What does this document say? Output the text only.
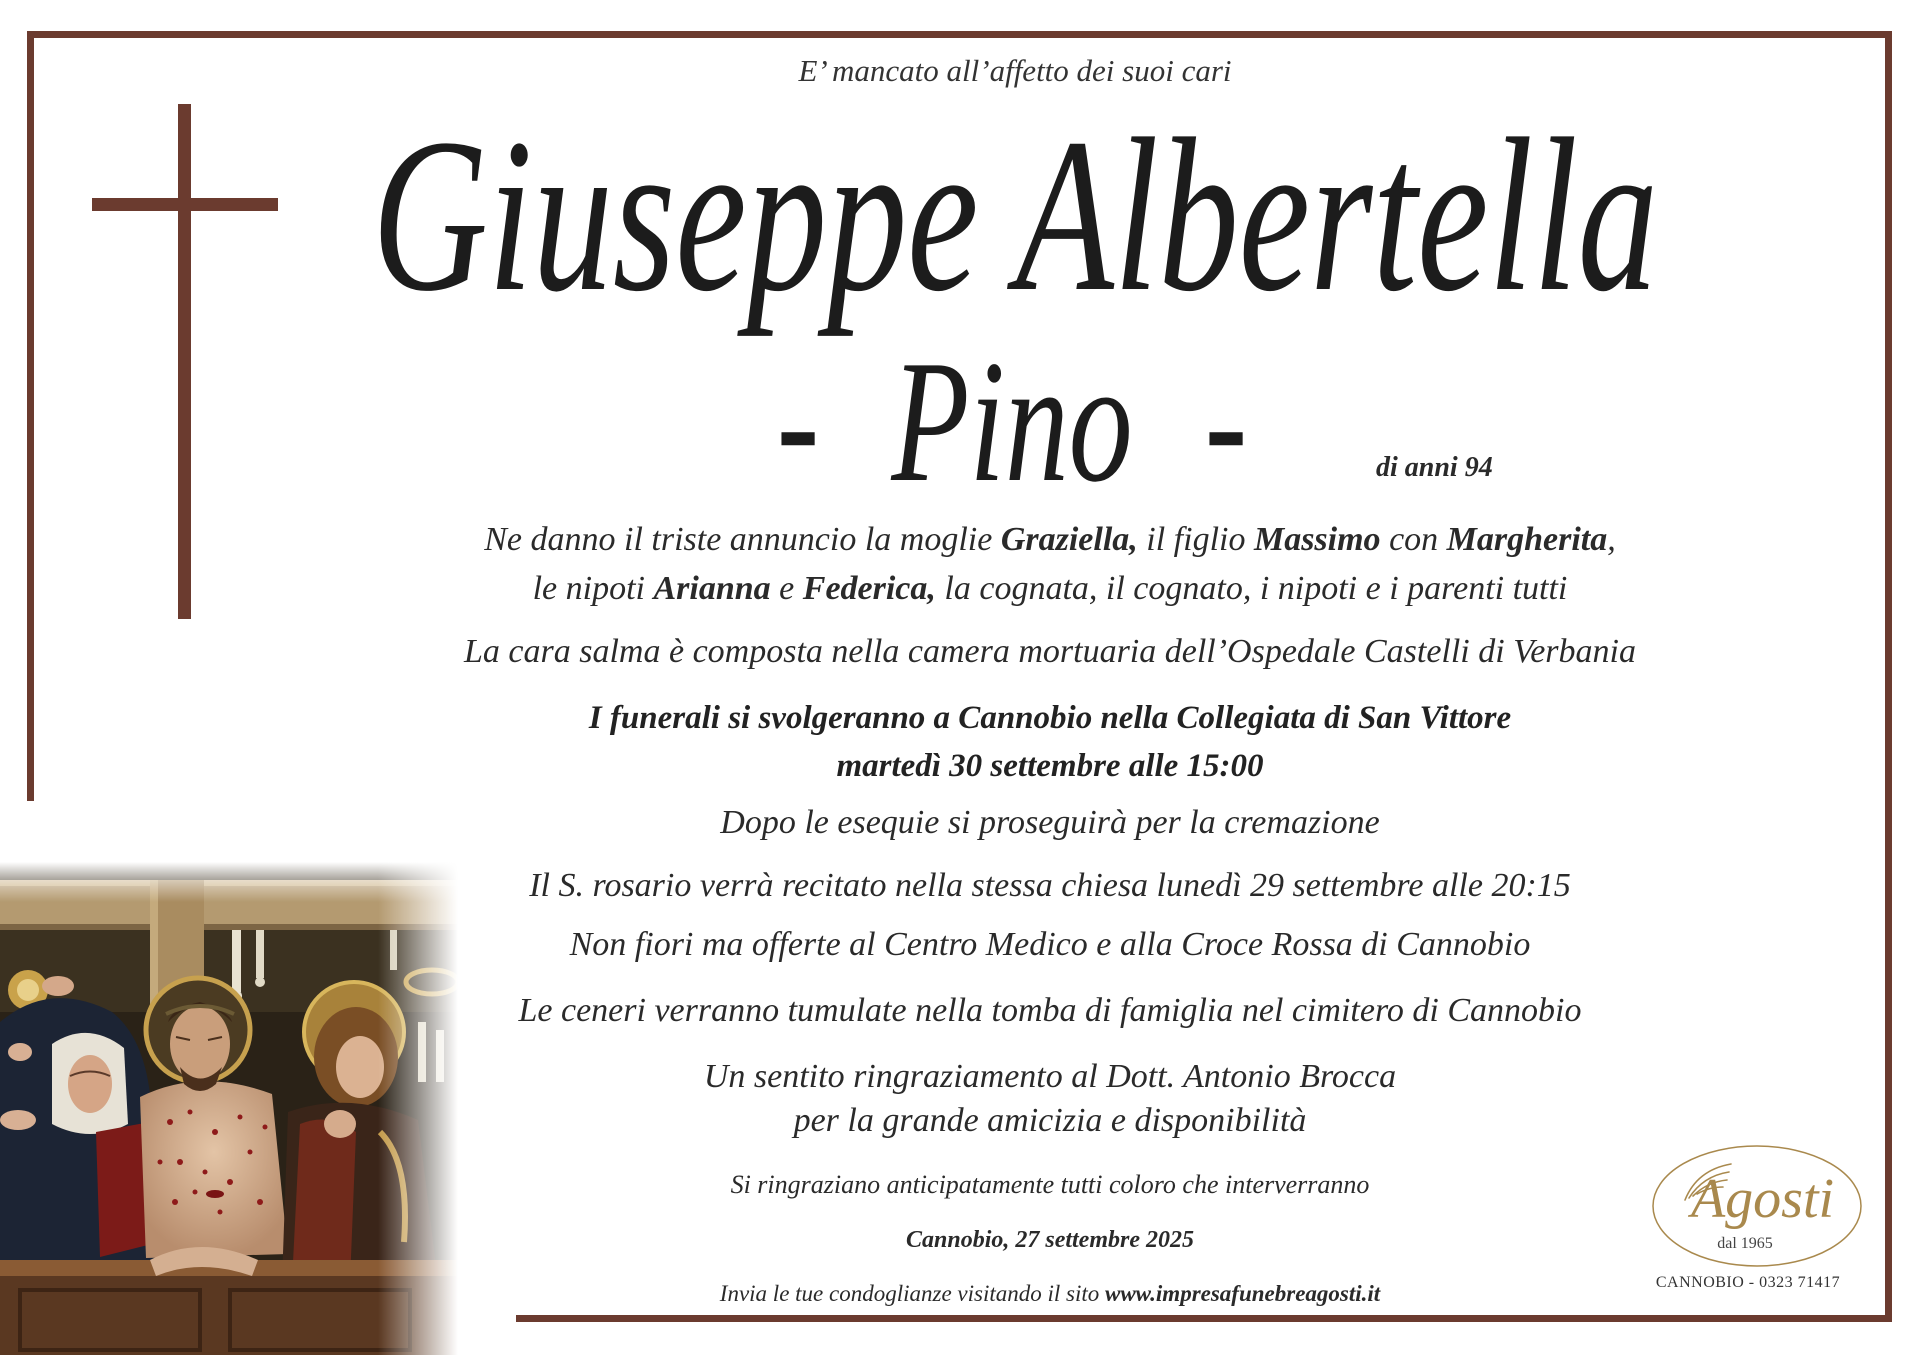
E’ mancato all’affetto dei suoi cari
Giuseppe Albertella
- Pino -	di anni 94
Ne danno il triste annuncio la moglie Graziella, il figlio Massimo con Margherita,
le nipoti Arianna e Federica, la cognata, il cognato, i nipoti e i parenti tutti
La cara salma è composta nella camera mortuaria dell’Ospedale Castelli di Verbania
I funerali si svolgeranno a Cannobio nella Collegiata di San Vittore
martedì 30 settembre alle 15:00
Dopo le esequie si proseguirà per la cremazione
Il S. rosario verrà recitato nella stessa chiesa lunedì 29 settembre alle 20:15
Non fiori ma offerte al Centro Medico e alla Croce Rossa di Cannobio
Le ceneri verranno tumulate nella tomba di famiglia nel cimitero di Cannobio
Un sentito ringraziamento al Dott. Antonio Brocca
per la grande amicizia e disponibilità
Si ringraziano anticipatamente tutti coloro che interverranno
Cannobio, 27 settembre 2025
Invia le tue condoglianze visitando il sito www.impresafunebreagosti.it
Agosti
dal 1965
CANNOBIO - 0323 71417
